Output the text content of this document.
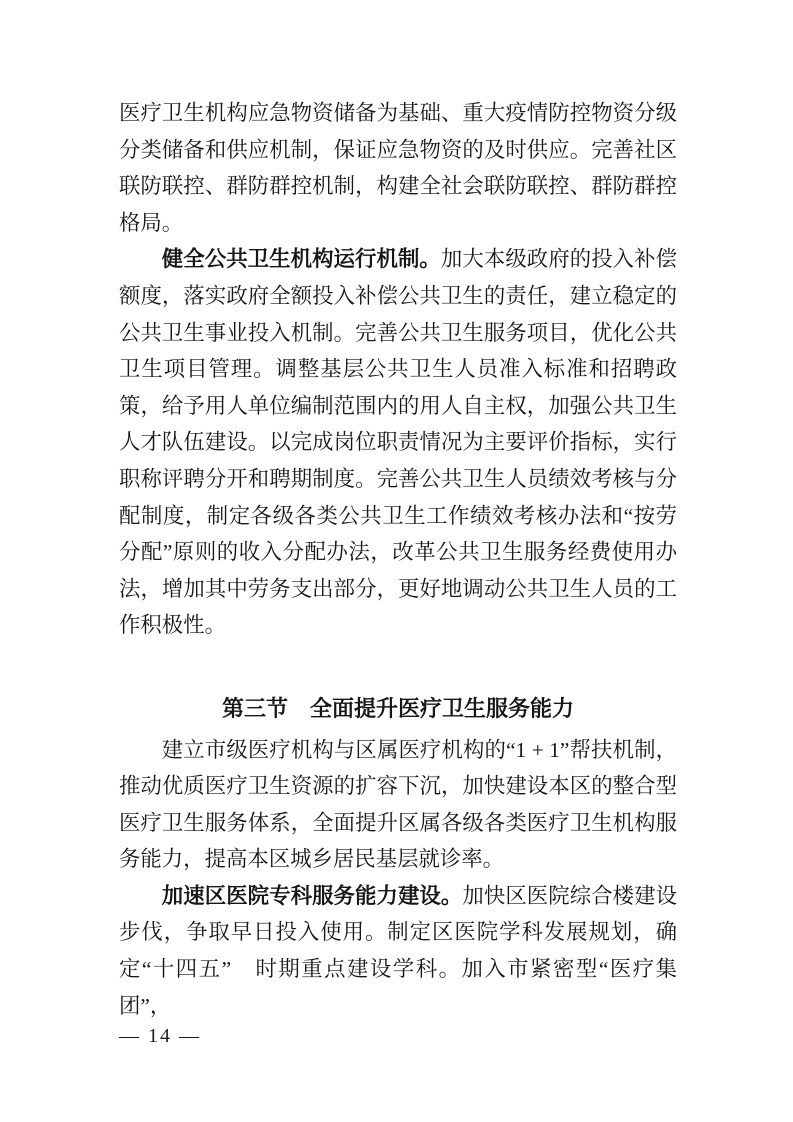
医疗卫生机构应急物资储备为基础、重大疫情防控物资分级分类储备和供应机制，保证应急物资的及时供应。完善社区联防联控、群防群控机制，构建全社会联防联控、群防群控格局。

健全公共卫生机构运行机制。加大本级政府的投入补偿额度，落实政府全额投入补偿公共卫生的责任，建立稳定的公共卫生事业投入机制。完善公共卫生服务项目，优化公共卫生项目管理。调整基层公共卫生人员准入标准和招聘政策，给予用人单位编制范围内的用人自主权，加强公共卫生人才队伍建设。以完成岗位职责情况为主要评价指标，实行职称评聘分开和聘期制度。完善公共卫生人员绩效考核与分配制度，制定各级各类公共卫生工作绩效考核办法和“按劳分配”原则的收入分配办法，改革公共卫生服务经费使用办法，增加其中劳务支出部分，更好地调动公共卫生人员的工作积极性。

第三节　全面提升医疗卫生服务能力

建立市级医疗机构与区属医疗机构的“1 + 1”帮扶机制，推动优质医疗卫生资源的扩容下沉，加快建设本区的整合型医疗卫生服务体系，全面提升区属各级各类医疗卫生机构服务能力，提高本区城乡居民基层就诊率。

加速区医院专科服务能力建设。加快区医院综合楼建设步伐，争取早日投入使用。制定区医院学科发展规划，确定“十四五”　时期重点建设学科。加入市紧密型“医疗集团”，

— 14 —
